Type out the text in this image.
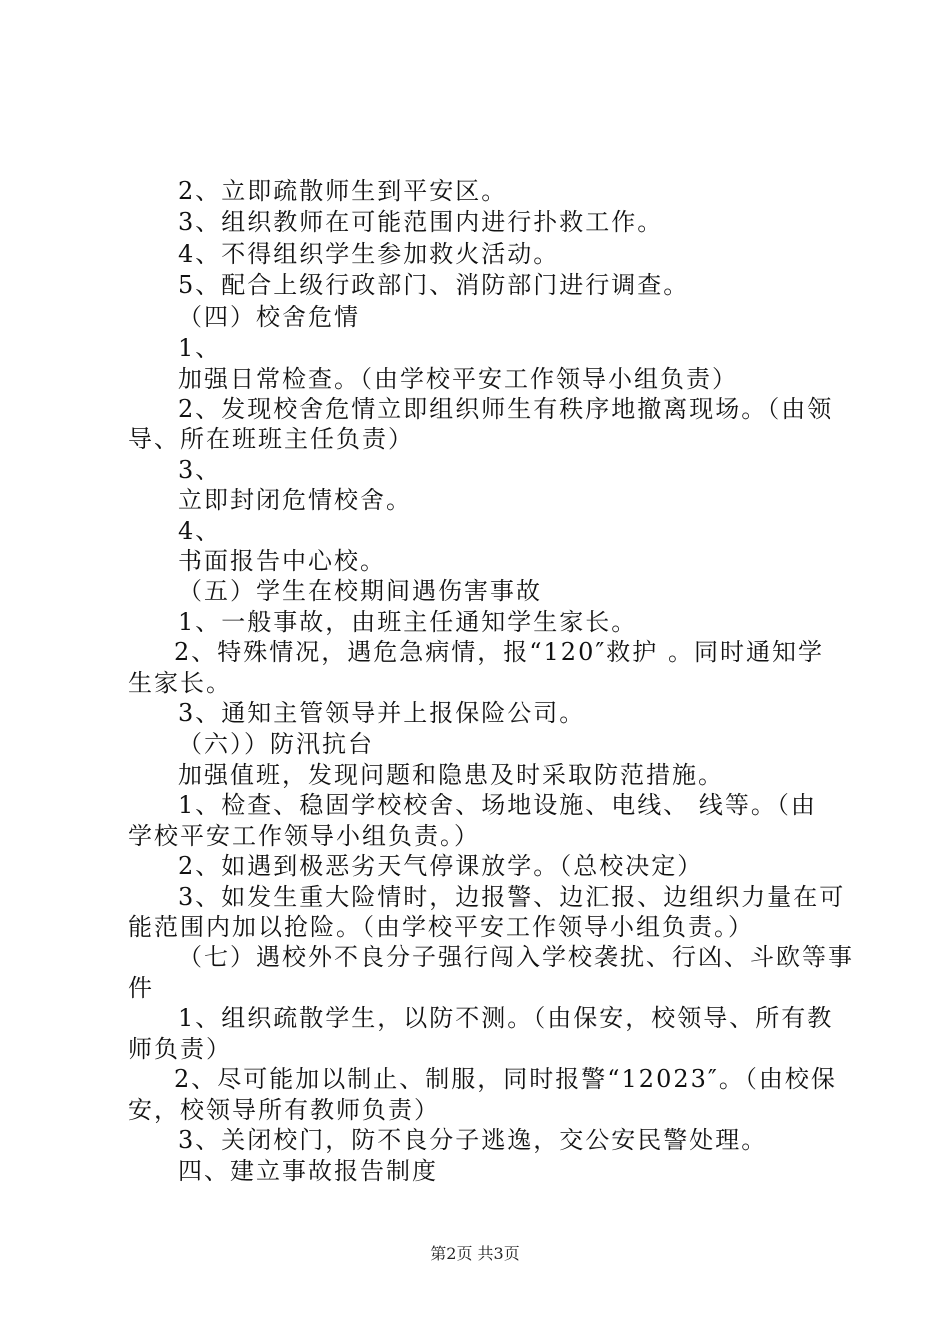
2、立即疏散师生到平安区。
3、组织教师在可能范围内进行扑救工作。
4、不得组织学生参加救火活动。
5、配合上级行政部门、消防部门进行调查。
（四）校舍危情
1、
加强日常检查。（由学校平安工作领导小组负责）
2、发现校舍危情立即组织师生有秩序地撤离现场。（由领
导、所在班班主任负责）
3、
立即封闭危情校舍。
4、
书面报告中心校。
（五）学生在校期间遇伤害事故
1、一般事故，由班主任通知学生家长。
2、特殊情况，遇危急病情，报“120″救护 。同时通知学
生家长。
3、通知主管领导并上报保险公司。
（六））防汛抗台
加强值班，发现问题和隐患及时采取防范措施。
1、检查、稳固学校校舍、场地设施、电线、 线等。（由
学校平安工作领导小组负责。）
2、如遇到极恶劣天气停课放学。（总校决定）
3、如发生重大险情时，边报警、边汇报、边组织力量在可
能范围内加以抢险。（由学校平安工作领导小组负责。）
（七）遇校外不良分子强行闯入学校袭扰、行凶、斗欧等事
件
1、组织疏散学生，以防不测。（由保安，校领导、所有教
师负责）
2、尽可能加以制止、制服，同时报警“12023″。（由校保
安，校领导所有教师负责）
3、关闭校门，防不良分子逃逸，交公安民警处理。
四、建立事故报告制度
第2页 共3页
